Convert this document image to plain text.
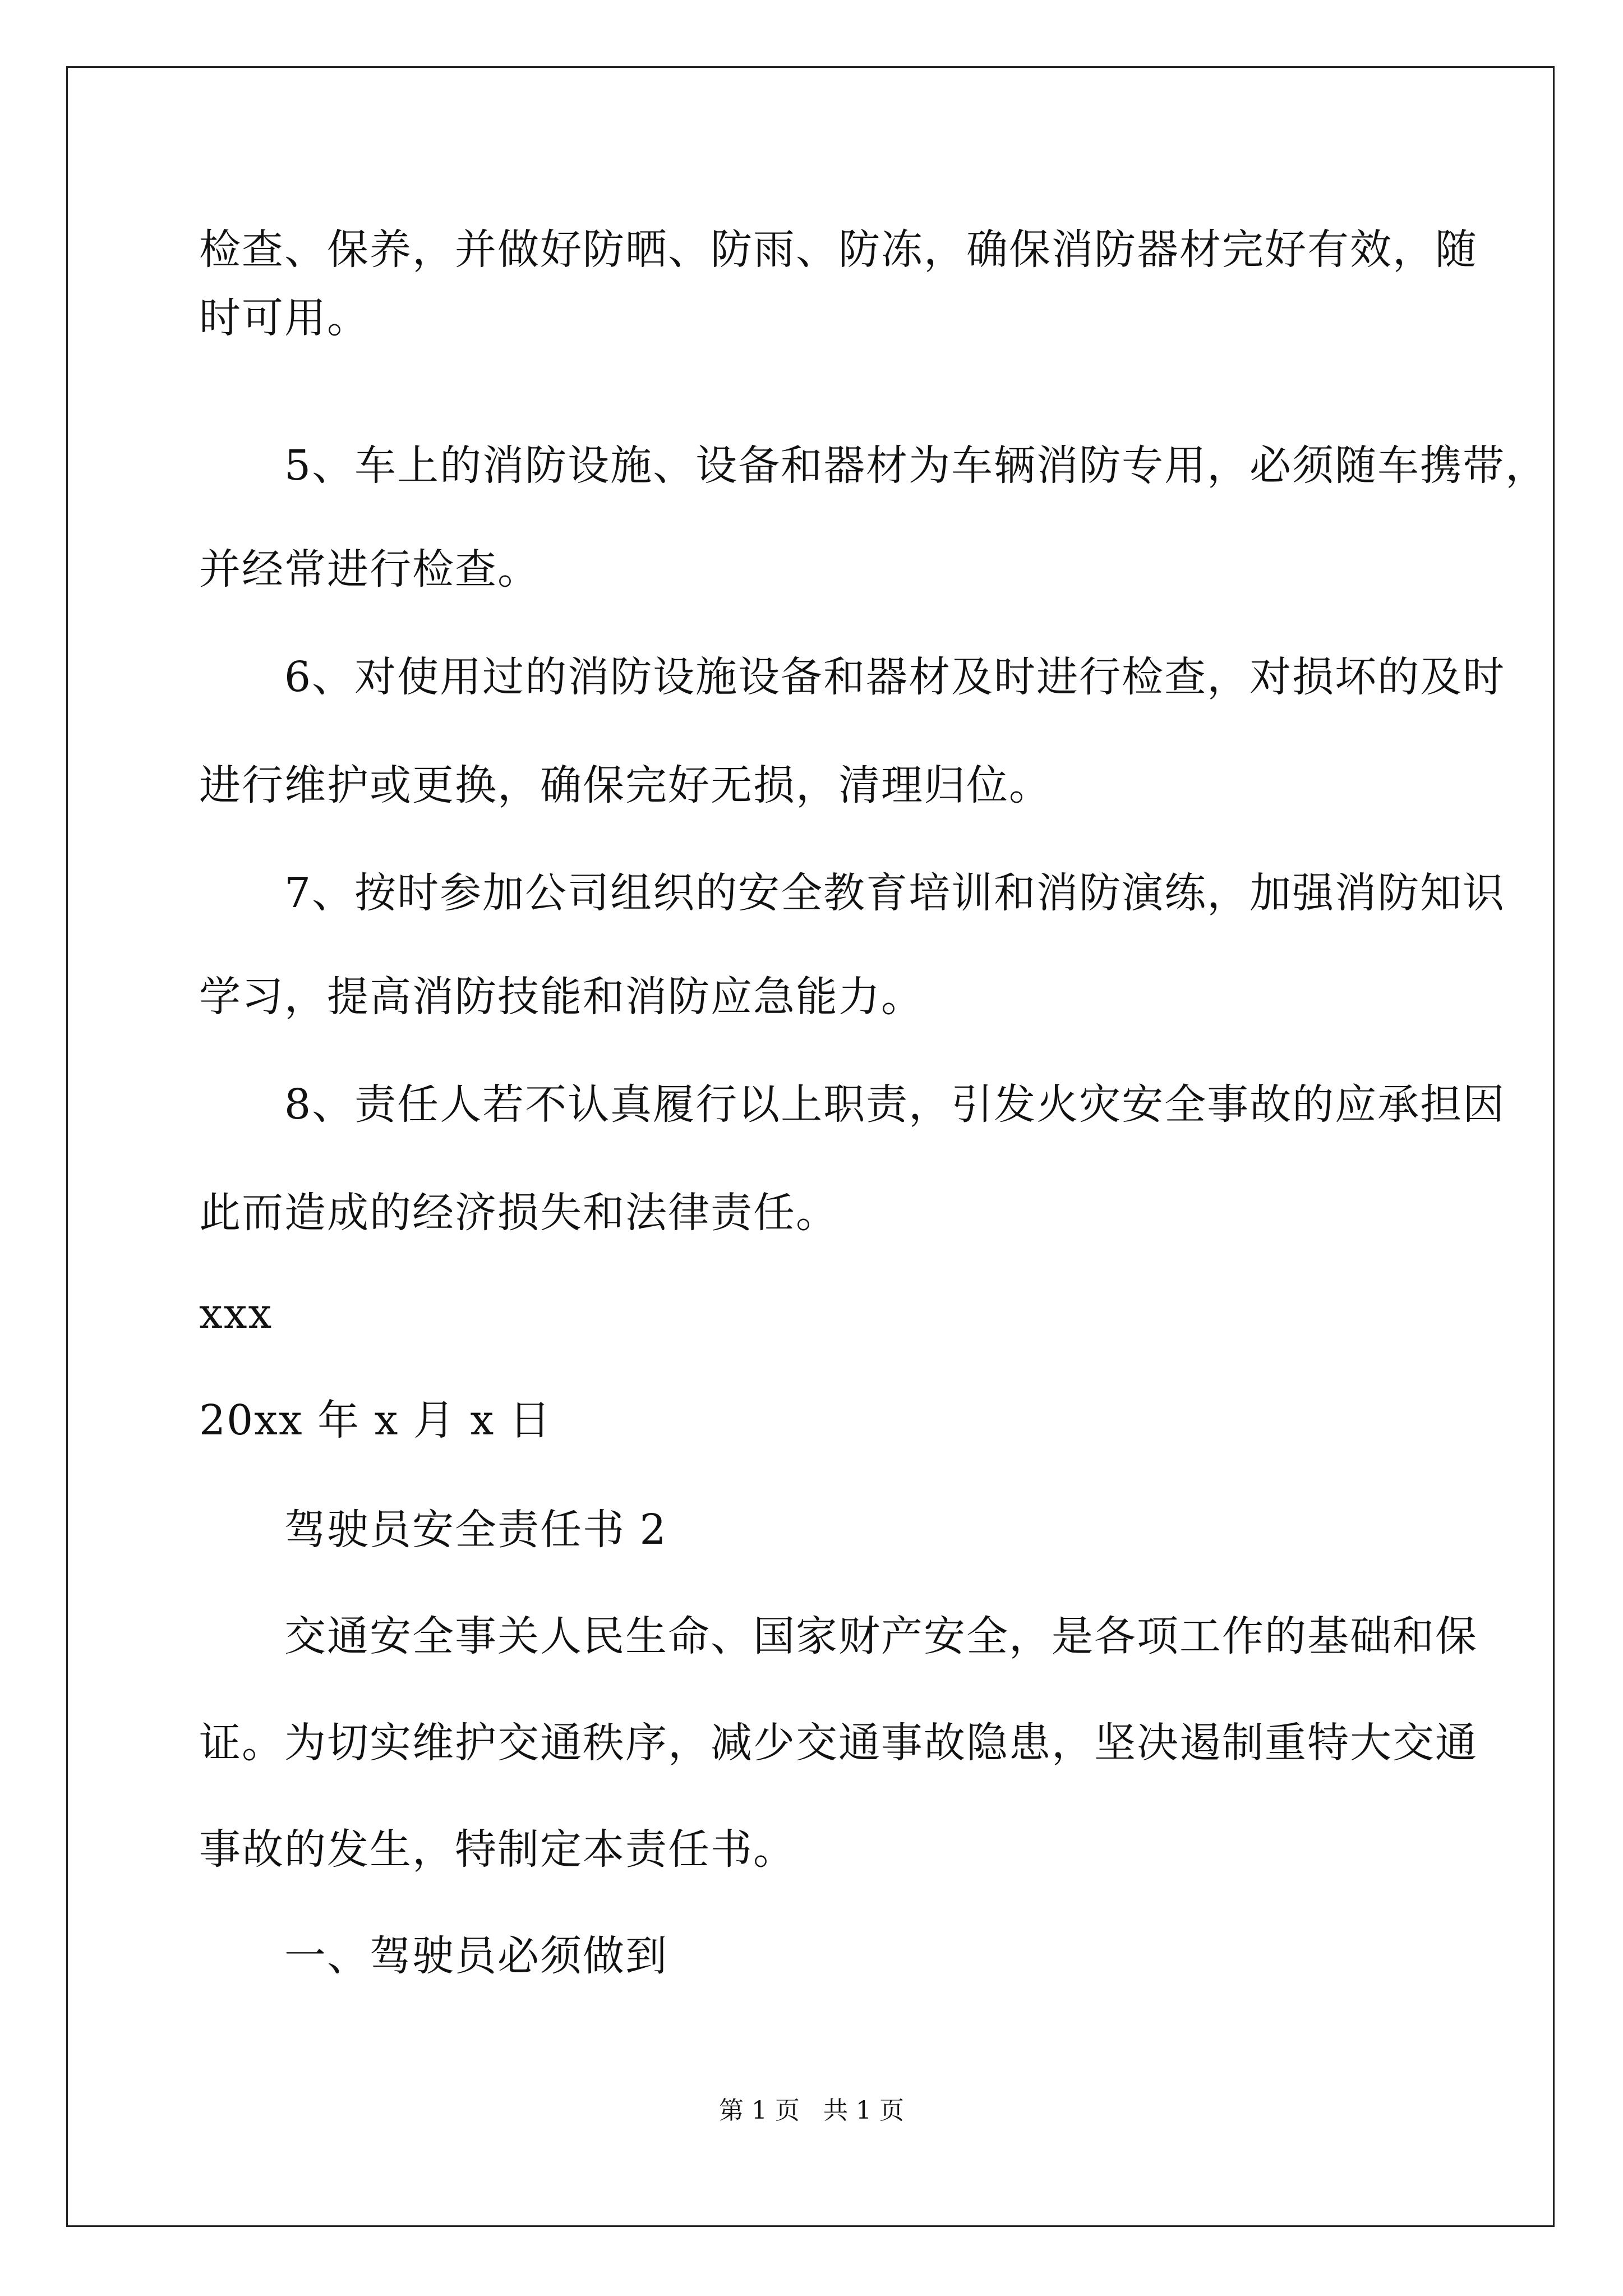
检查、保养，并做好防晒、防雨、防冻，确保消防器材完好有效，随
时可用。
　　5、车上的消防设施、设备和器材为车辆消防专用，必须随车携带，
并经常进行检查。
　　6、对使用过的消防设施设备和器材及时进行检查，对损坏的及时
进行维护或更换，确保完好无损，清理归位。
　　7、按时参加公司组织的安全教育培训和消防演练，加强消防知识
学习，提高消防技能和消防应急能力。
　　8、责任人若不认真履行以上职责，引发火灾安全事故的应承担因
此而造成的经济损失和法律责任。
xxx
20xx 年 x 月 x 日
　　驾驶员安全责任书 2
　　交通安全事关人民生命、国家财产安全，是各项工作的基础和保
证。为切实维护交通秩序，减少交通事故隐患，坚决遏制重特大交通
事故的发生，特制定本责任书。
　　一、驾驶员必须做到
第 1 页   共 1 页
